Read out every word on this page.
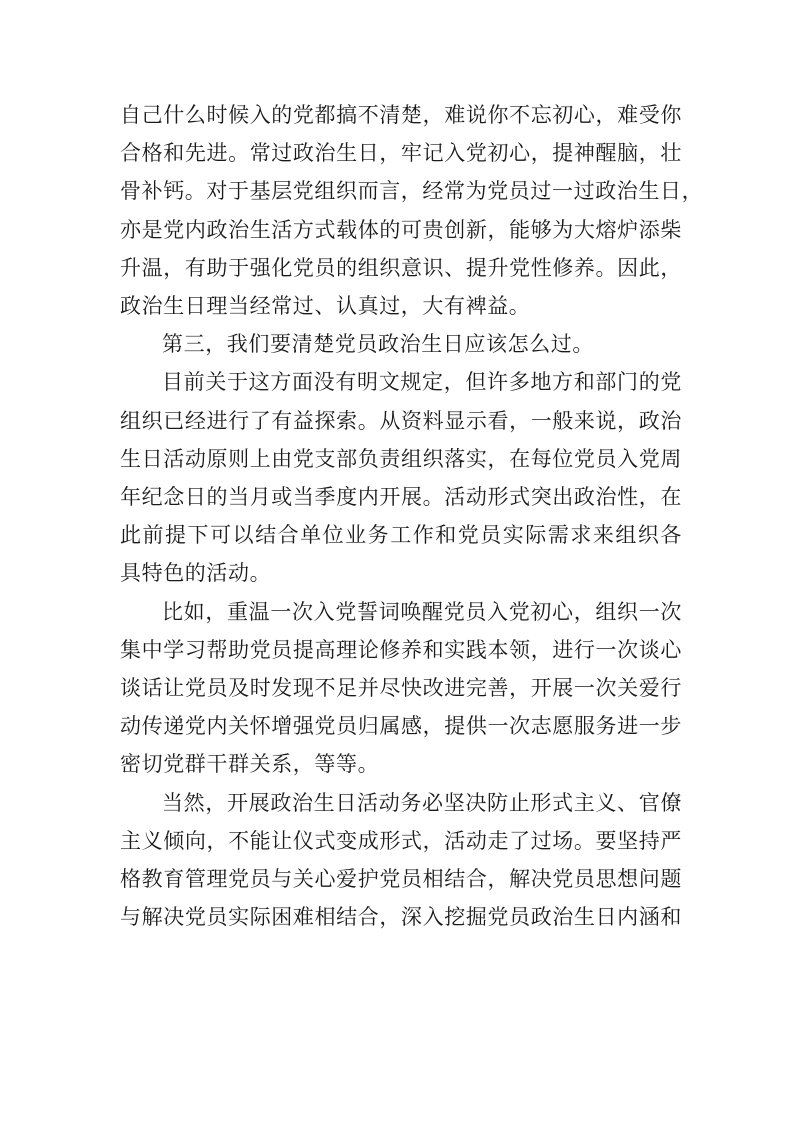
自己什么时候入的党都搞不清楚，难说你不忘初心，难受你
合格和先进。常过政治生日，牢记入党初心，提神醒脑，壮
骨补钙。对于基层党组织而言，经常为党员过一过政治生日，
亦是党内政治生活方式载体的可贵创新，能够为大熔炉添柴
升温，有助于强化党员的组织意识、提升党性修养。因此，
政治生日理当经常过、认真过，大有裨益。
第三，我们要清楚党员政治生日应该怎么过。
目前关于这方面没有明文规定，但许多地方和部门的党
组织已经进行了有益探索。从资料显示看，一般来说，政治
生日活动原则上由党支部负责组织落实，在每位党员入党周
年纪念日的当月或当季度内开展。活动形式突出政治性，在
此前提下可以结合单位业务工作和党员实际需求来组织各
具特色的活动。
比如，重温一次入党誓词唤醒党员入党初心，组织一次
集中学习帮助党员提高理论修养和实践本领，进行一次谈心
谈话让党员及时发现不足并尽快改进完善，开展一次关爱行
动传递党内关怀增强党员归属感，提供一次志愿服务进一步
密切党群干群关系，等等。
当然，开展政治生日活动务必坚决防止形式主义、官僚
主义倾向，不能让仪式变成形式，活动走了过场。要坚持严
格教育管理党员与关心爱护党员相结合，解决党员思想问题
与解决党员实际困难相结合，深入挖掘党员政治生日内涵和
